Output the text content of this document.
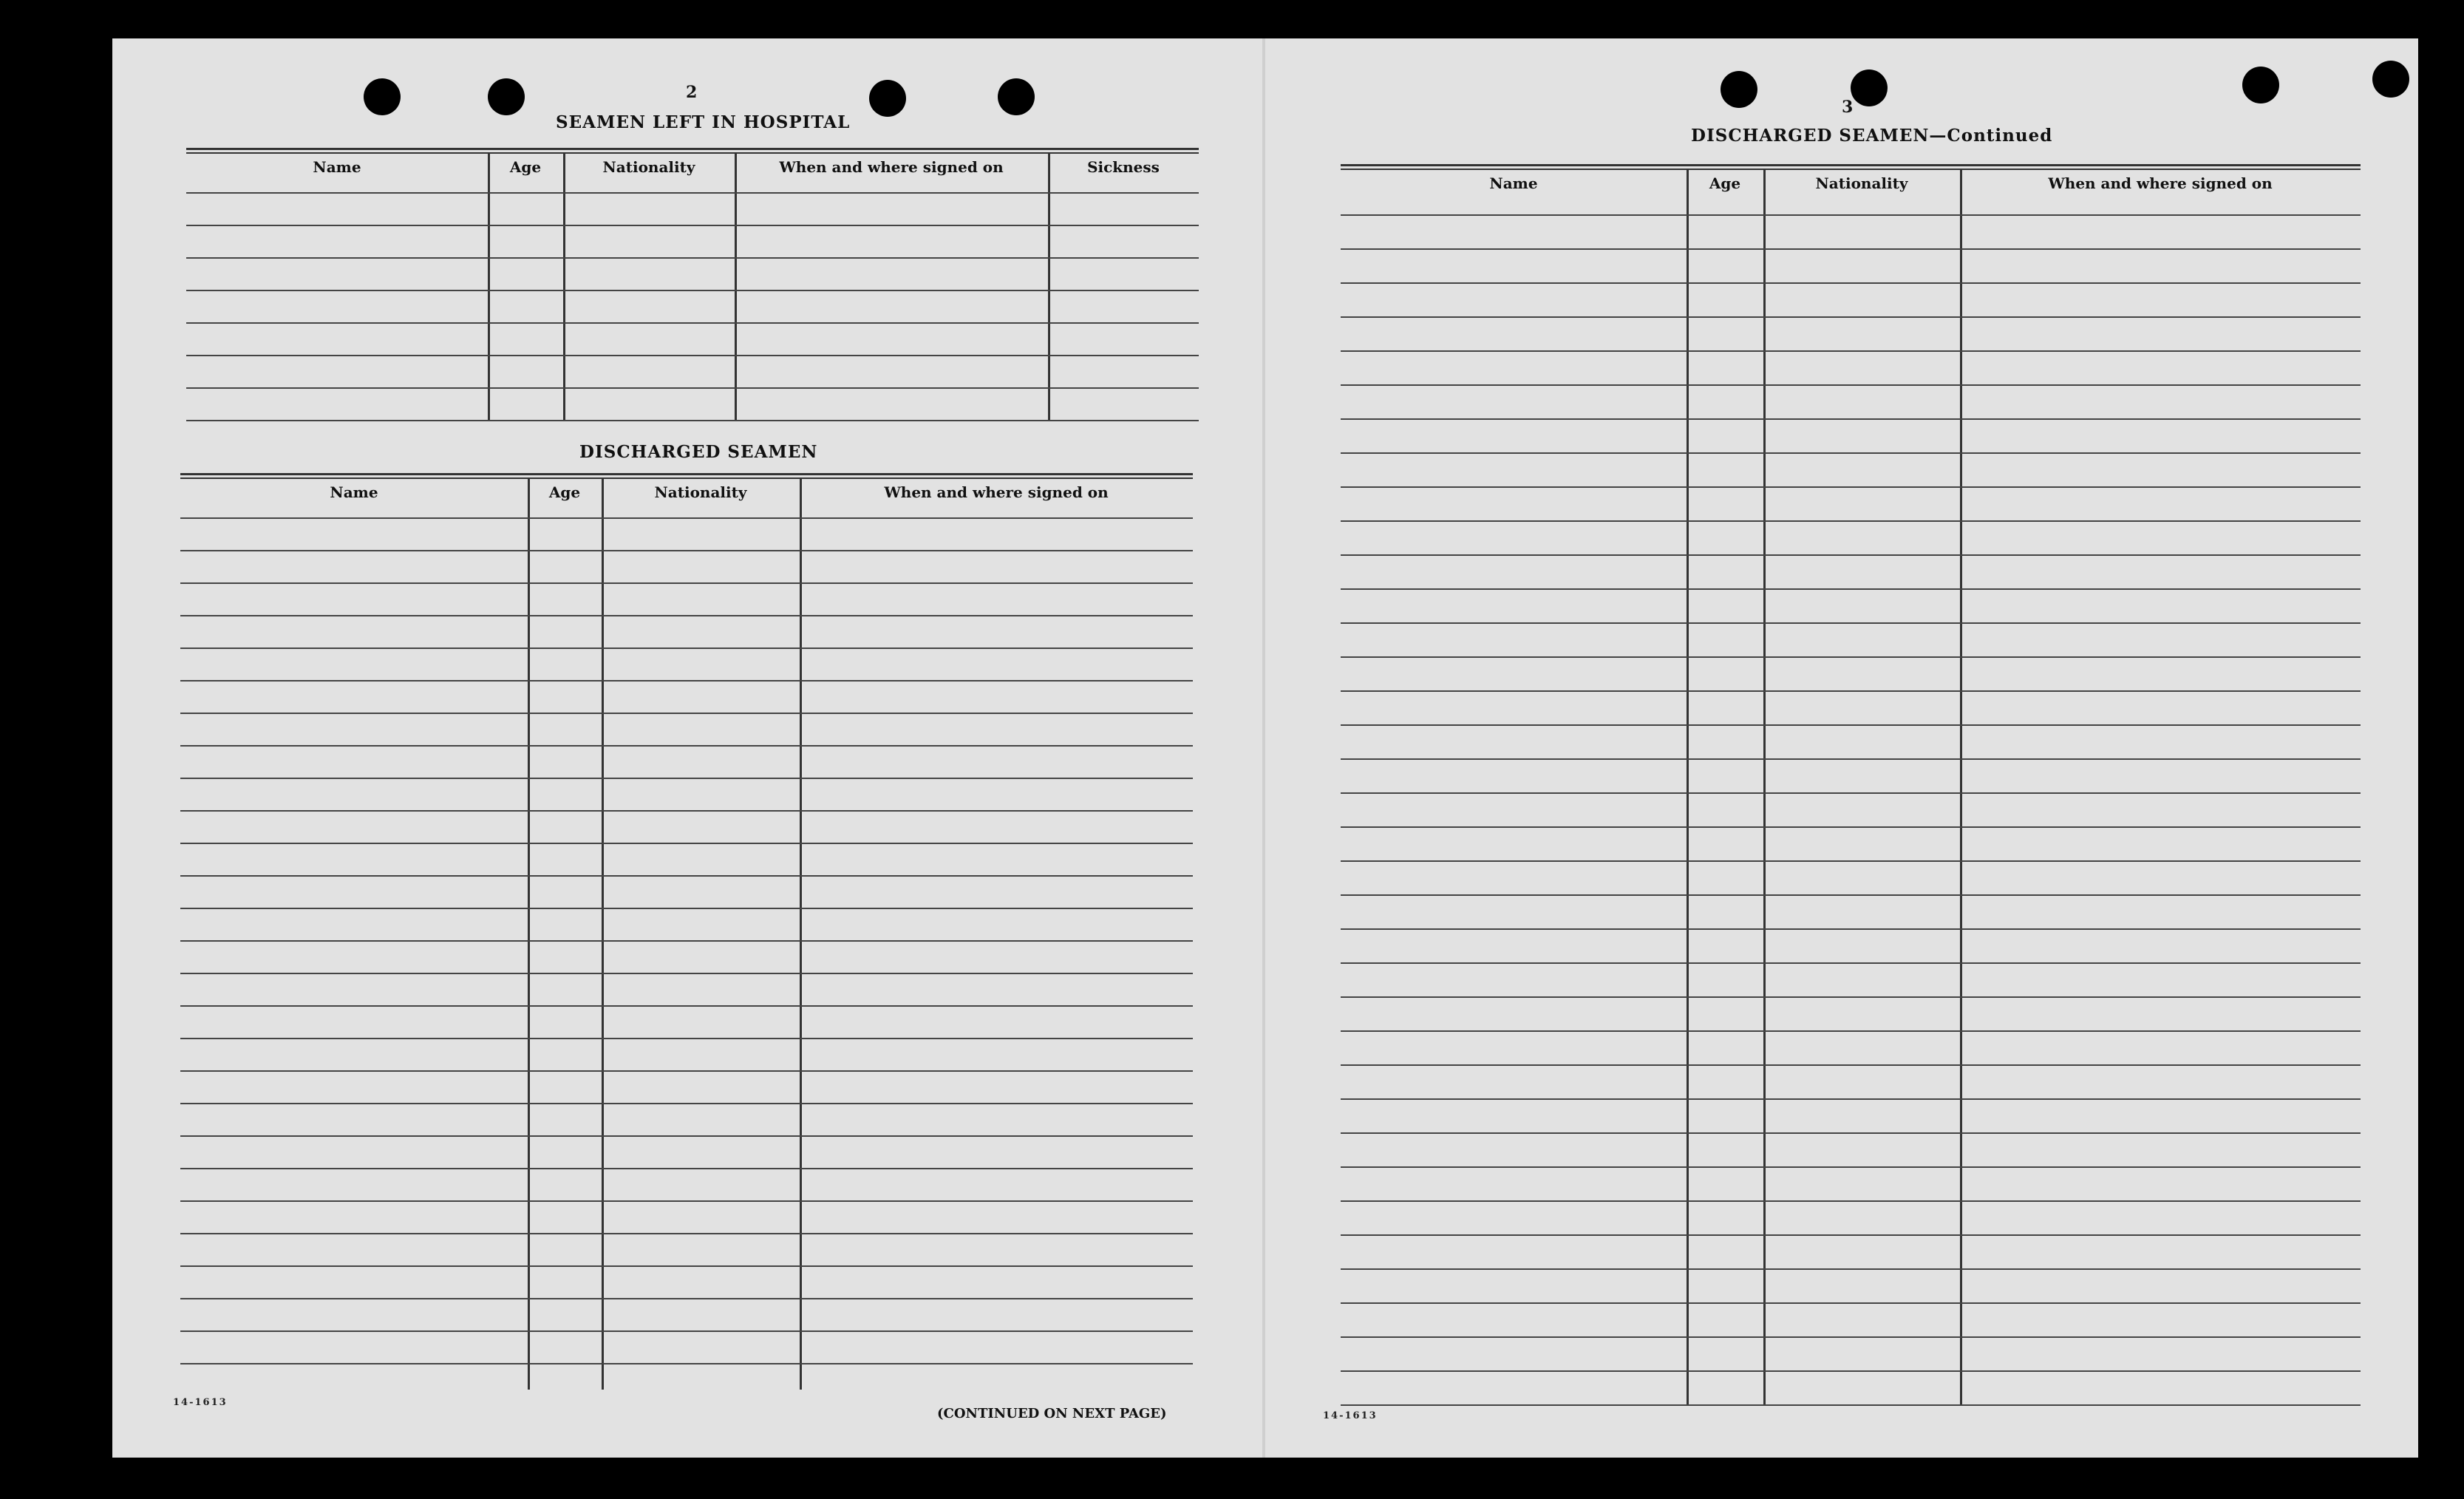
2
SEAMEN LEFT IN HOSPITAL
Name	Age	Nationality	When and where signed on	Sickness
DISCHARGED SEAMEN
Name	Age	Nationality	When and where signed on
14-1613
(CONTINUED ON NEXT PAGE)
3
DISCHARGED SEAMEN—Continued
Name	Age	Nationality	When and where signed on
14-1613
